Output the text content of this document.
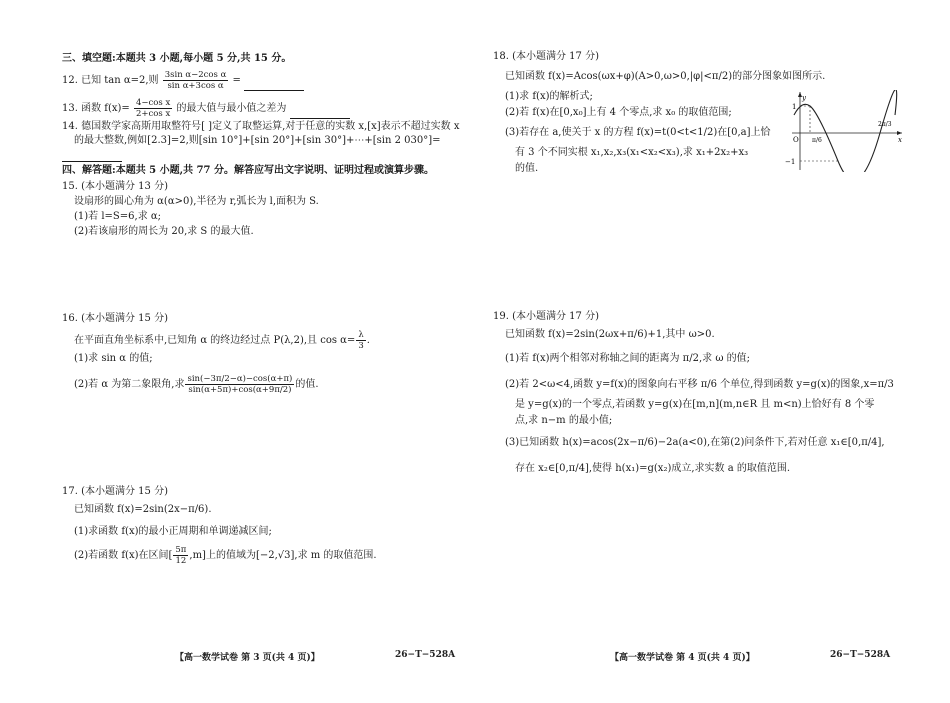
三、填空题:本题共 3 小题,每小题 5 分,共 15 分。
12. 已知 tan α=2,则 $\frac{\text{3sin α−2cos α}}{\text{sin α+3cos α}}$ =
13. 函数 $f(x)= \frac{\text{4−cos x}}{\text{2+cos x}}$ 的最大值与最小值之差为
14. 德国数学家高斯用取整符号[ ]定义了取整运算,对于任意的实数 x,[x]表示不超过实数 x
的最大整数,例如[2.3]=2,则[sin 10°]+[sin 20°]+[sin 30°]+⋯+[sin 2 030°]=
四、解答题:本题共 5 小题,共 77 分。解答应写出文字说明、证明过程或演算步骤。
15. (本小题满分 13 分)
设扇形的圆心角为 α(α>0),半径为 r,弧长为 l,面积为 S.
(1)若 l=S=6,求 α;
(2)若该扇形的周长为 20,求 S 的最大值.
16. (本小题满分 15 分)
在平面直角坐标系中,已知角 α 的终边经过点 P(λ,2),且 $\cos \alpha= \frac{\lambda}{3}$ .
(1)求 sin α 的值;
(2)若 α 为第二象限角,求 $\frac{\sin(-3\pi/2-\alpha)-\cos(\alpha+\pi)}{\sin(\alpha+5\pi)+\cos(\alpha+9\pi/2)}$ 的值.
17. (本小题满分 15 分)
已知函数 f(x)=2sin(2x−π/6).
(1)求函数 f(x)的最小正周期和单调递减区间;
(2)若函数 f(x)在区间[ $\frac{5\pi}{12} ,m$]上的值域为[−2,√3],求 m 的取值范围.
【高一数学试卷 第 3 页(共 4 页)】	26−T−528A
18. (本小题满分 17 分)
已知函数 f(x)=Acos(ωx+φ)(A>0,ω>0,|φ|<π/2)的部分图象如图所示.
(1)求 f(x)的解析式;
(2)若 f(x)在[0,x₀]上有 4 个零点,求 x₀ 的取值范围;
(3)若存在 a,使关于 x 的方程 f(x)=t(0<t<1/2)在[0,a]上恰
有 3 个不同实根 x₁,x₂,x₃(x₁<x₂<x₃),求 x₁+2x₂+x₃
的值.
y
x
O
1
−1
π/6
2π/3
19. (本小题满分 17 分)
已知函数 f(x)=2sin(2ωx+π/6)+1,其中 ω>0.
(1)若 f(x)两个相邻对称轴之间的距离为 π/2,求 ω 的值;
(2)若 2<ω<4,函数 y=f(x)的图象向右平移 π/6 个单位,得到函数 y=g(x)的图象,x=π/3
是 y=g(x)的一个零点,若函数 y=g(x)在[m,n](m,n∈R 且 m<n)上恰好有 8 个零
点,求 n−m 的最小值;
(3)已知函数 h(x)=acos(2x−π/6)−2a(a<0),在第(2)问条件下,若对任意 x₁∈[0,π/4],
存在 x₂∈[0,π/4],使得 h(x₁)=g(x₂)成立,求实数 a 的取值范围.
【高一数学试卷 第 4 页(共 4 页)】	26−T−528A
